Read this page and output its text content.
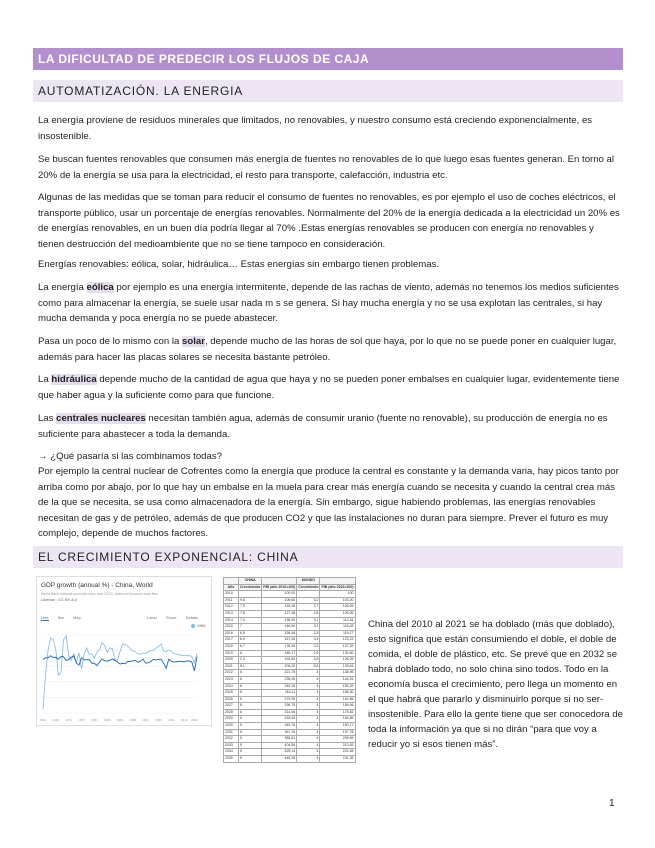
LA DIFICULTAD DE PREDECIR LOS FLUJOS DE CAJA
AUTOMATIZACIÓN. LA ENERGIA

La energía proviene de residuos minerales que limitados, no renovables, y nuestro consumo está creciendo exponencialmente, es insostenible.

Se buscan fuentes renovables que consumen más energía de fuentes no renovables de lo que luego esas fuentes generan. En torno al 20% de la energía se usa para la electricidad, el resto para transporte, calefacción, industria etc.

Algunas de las medidas que se toman para reducir el consumo de fuentes no renovables, es por ejemplo el uso de coches eléctricos, el transporte público, usar un porcentaje de energías renovables. Normalmente del 20% de la energía dedicada a la electricidad un 20% es de energías renovables, en un buen día podría llegar al 70% .Estas energías renovables se producen con energía no renovables y tienen destrucción del medioambiente que no se tiene tampoco en consideración.

Energías renovables: eólica, solar, hidráulica… Estas energías sin embargo tienen problemas.

La energía eólica por ejemplo es una energía intermitente, depende de las rachas de viento, además no tenemos los medios suficientes como para almacenar la energía, se suele usar nada m s se genera. Si hay mucha energía y no se usa explotan las centrales, si hay mucha demanda y poca energía no se puede abastecer.

Pasa un poco de lo mismo con la solar, depende mucho de las horas de sol que haya, por lo que no se puede poner en cualquier lugar, además para hacer las placas solares se necesita bastante petróleo.

La hidráulica depende mucho de la cantidad de agua que haya y no se pueden poner embalses en cualquier lugar, evidentemente tiene que haber agua y la suficiente como para que funcione.

Las centrales nucleares necesitan también agua, además de consumir uranio (fuente no renovable), su producción de energía no es suficiente para abastecer a toda la demanda.

→ ¿Qué pasaría si las combinamos todas?

Por ejemplo la central nuclear de Cofrentes como la energía que produce la central es constante y la demanda varia, hay picos tanto por arriba como por abajo, por lo que hay un embalse en la muela para crear más energía cuando se necesita y cuando la central crea más de la que se necesita, se usa como almacenadora de la energía. Sin embargo, sigue habiendo problemas, las energías renovables necesitan de gas y de petróleo, además de que producen CO2 y que las instalaciones no duran para siempre. Prever el futuro es muy complejo, depende de muchos factores.

EL CRECIMIENTO EXPONENCIAL: CHINA
GDP growth (annual %) - China, World
World Bank national accounts data, and OECD National Accounts data files.
License : CC BY-4.0
Line Bar Map	Label Share Details
1961
1961 1966 1971 1976 1981 1986 1991 1996 2001 2006 2011 2016 2020
	CHINA		MUNDO	
Año	Crecimiento	PIB (año 2010=100)	Crecimiento	PIB (año 2010=100)
2010		100,00		100
2011	9,6	109,60	3,2	103,20
2012	7,9	118,26	2,7	106,09
2013	7,8	127,48	2,8	109,06
2014	7,4	136,92	3,1	112,44
2015	7	146,50	3,1	115,93
2016	6,8	156,46	2,8	119,17
2017	6,9	167,26	3,4	123,23
2018	6,7	178,46	3,3	127,29
2019	6	189,17	2,6	130,60
2020	2,3	193,52	3,5	126,29
2021	8,1	209,20	5,8	133,61
2022	6	221,75	4	138,95
2023	6	235,05	4	144,51
2024	6	249,16	4	150,29
2025	6	264,11	4	156,30
2026	6	279,95	4	162,56
2027	6	296,75	4	169,06
2028	6	314,56	4	175,82
2029	6	333,43	4	182,86
2030	5	349,76	4	190,17
2031	5	367,25	4	197,78
2032	5	385,61	4	205,69
2033	5	404,89	4	213,92
2034	5	425,14	4	222,48
2035	5	446,39	4	231,38

China del 2010 al 2021 se ha doblado (más que doblado), esto significa que están consumiendo el doble, el doble de comida, el doble de plástico, etc. Se prevé que en 2032 se habrá doblado todo, no solo china sino todos. Todo en la economía busca el crecimiento, pero llega un momento en el que habrá que pararlo y disminuirlo porque si no ser-insostenible. Para ello la gente tiene que ser conocedora de toda la información ya que si no dirán “para que voy a reducir yo si esos tienen más”.

1
